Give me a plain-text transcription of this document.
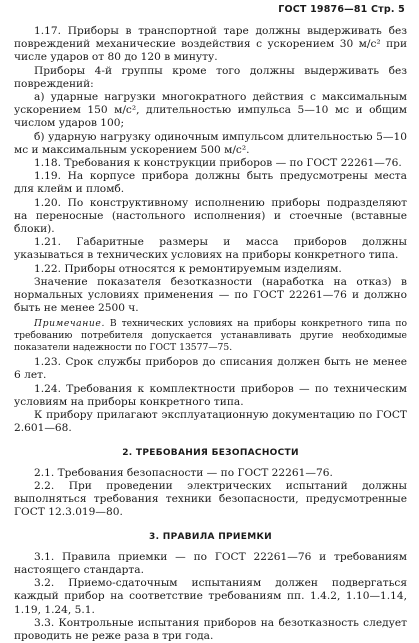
ГОСТ 19876—81 Стр. 5

1.17. Приборы в транспортной таре должны выдерживать без повреждений механические воздействия с ускорением 30 м/с² при числе ударов от 80 до 120 в минуту.

Приборы 4-й группы кроме того должны выдерживать без повреждений:

а) ударные нагрузки многократного действия с максимальным ускорением 150 м/с², длительностью импульса 5—10 мс и общим числом ударов 100;

б) ударную нагрузку одиночным импульсом длительностью 5—10 мс и максимальным ускорением 500 м/с².

1.18. Требования к конструкции приборов — по ГОСТ 22261—76.

1.19. На корпусе прибора должны быть предусмотрены места для клейм и пломб.

1.20. По конструктивному исполнению приборы подразделяют на переносные (настольного исполнения) и стоечные (вставные блоки).

1.21. Габаритные размеры и масса приборов должны указываться в технических условиях на приборы конкретного типа.

1.22. Приборы относятся к ремонтируемым изделиям.

Значение показателя безотказности (наработка на отказ) в нормальных условиях применения — по ГОСТ 22261—76 и должно быть не менее 2500 ч.

Примечание. В технических условиях на приборы конкретного типа по требованию потребителя допускается устанавливать другие необходимые показатели надежности по ГОСТ 13577—75.

1.23. Срок службы приборов до списания должен быть не менее 6 лет.

1.24. Требования к комплектности приборов — по техническим условиям на приборы конкретного типа.

К прибору прилагают эксплуатационную документацию по ГОСТ 2.601—68.

2. ТРЕБОВАНИЯ БЕЗОПАСНОСТИ

2.1. Требования безопасности — по ГОСТ 22261—76.

2.2. При проведении электрических испытаний должны выполняться требования техники безопасности, предусмотренные ГОСТ 12.3.019—80.

3. ПРАВИЛА ПРИЕМКИ

3.1. Правила приемки — по ГОСТ 22261—76 и требованиям настоящего стандарта.

3.2. Приемо-сдаточным испытаниям должен подвергаться каждый прибор на соответствие требованиям пп. 1.4.2, 1.10—1.14, 1.19, 1.24, 5.1.

3.3. Контрольные испытания приборов на безотказность следует проводить не реже раза в три года.
